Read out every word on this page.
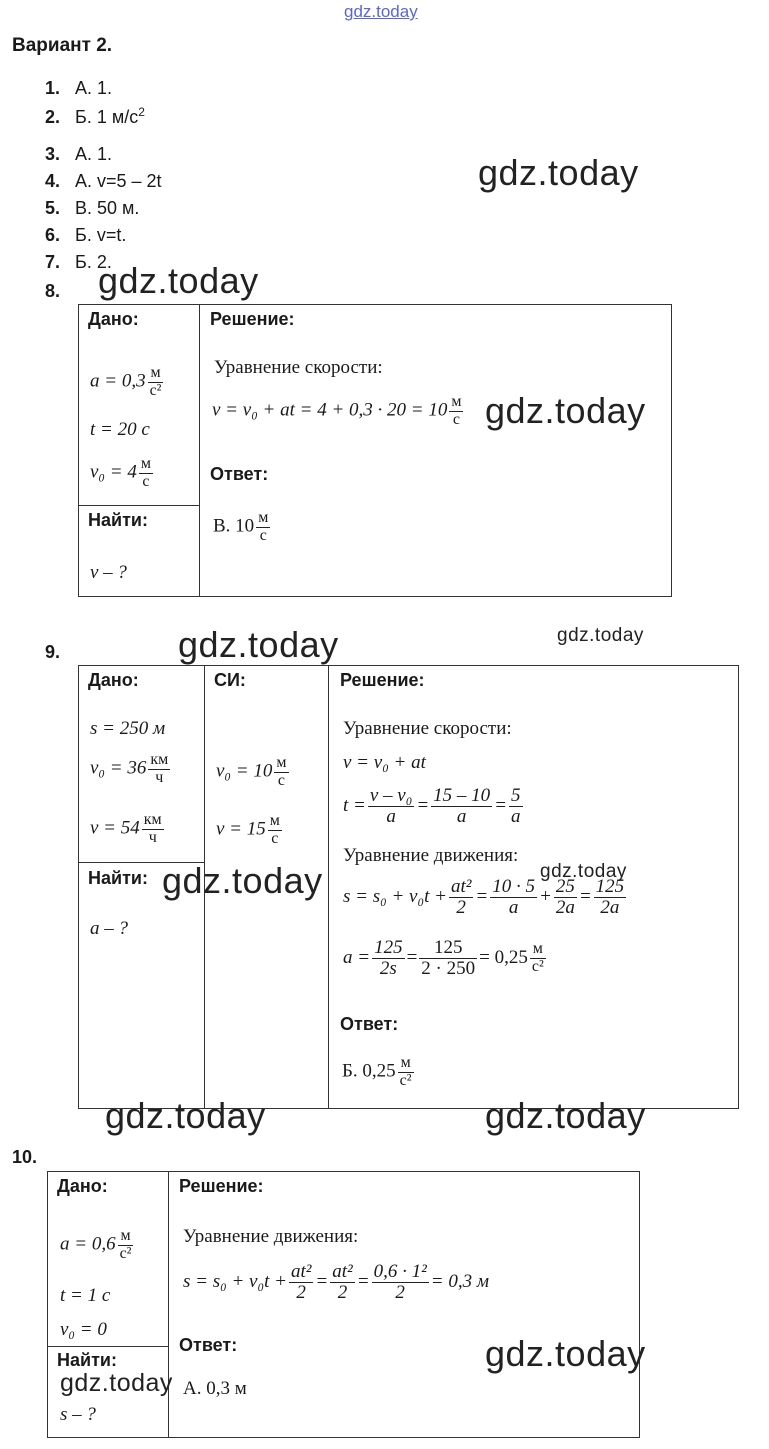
gdz.today
Вариант 2.
1. А. 1.
2. Б. 1 $м/с^2$
3. А. 1.
4. А. v=5 – 2t
5. В. 50 м.
6. Б. v=t.
7. Б. 2.
gdz.today
gdz.today
8.
Дано:	Решение:
$a = 0,3 \frac{м}{\text{с²}}$
t = 20 с
$v_0 = 4 \frac{м}{с}$
Найти:
v – ?
Уравнение скорости:
v = v₀ + at = $4 + 0,3 \cdot 20 = 10 \frac{м}{с}$
Ответ:
В. $10 \frac{м}{с}$
gdz.today
9.	gdz.today	gdz.today
Дано:	СИ:	Решение:
s = 250 м
$v_0 = 36 \frac{км}{ч}$
$v = 54 \frac{км}{ч}$
$v_0 = 10 \frac{м}{с}$
$v = 15 \frac{м}{с}$
Найти:
a – ?
Уравнение скорости:
v = v₀ + at
$t = \frac{\text{v – v₀}}{a} = \frac{15 - 10}{a} = \frac{5}{a}$
Уравнение движения:
$s = s_0 + v_0t + \frac{\text{at²}}{2} = \frac{10 \cdot 5}{a} + \frac{25}{2a} = \frac{125}{2a}$
$a = \frac{125}{2s} = \frac{125}{2 \cdot 250} = 0,25 \frac{м}{\text{с²}}$
Ответ:
Б. $0,25 \frac{м}{\text{с²}}$
gdz.today	gdz.today
gdz.today	gdz.today
10.
Дано:	Решение:
$a = 0,6 \frac{м}{\text{с²}}$
t = 1 с
v₀ = 0
Найти:
s – ?
Уравнение движения:
$s = s_0 + v_0t + \frac{\text{at²}}{2} = \frac{\text{at²}}{2} = \frac{\text{0,6 · 1²}}{2} = 0,3$ м
Ответ:
А. 0,3 м
gdz.today
gdz.today
